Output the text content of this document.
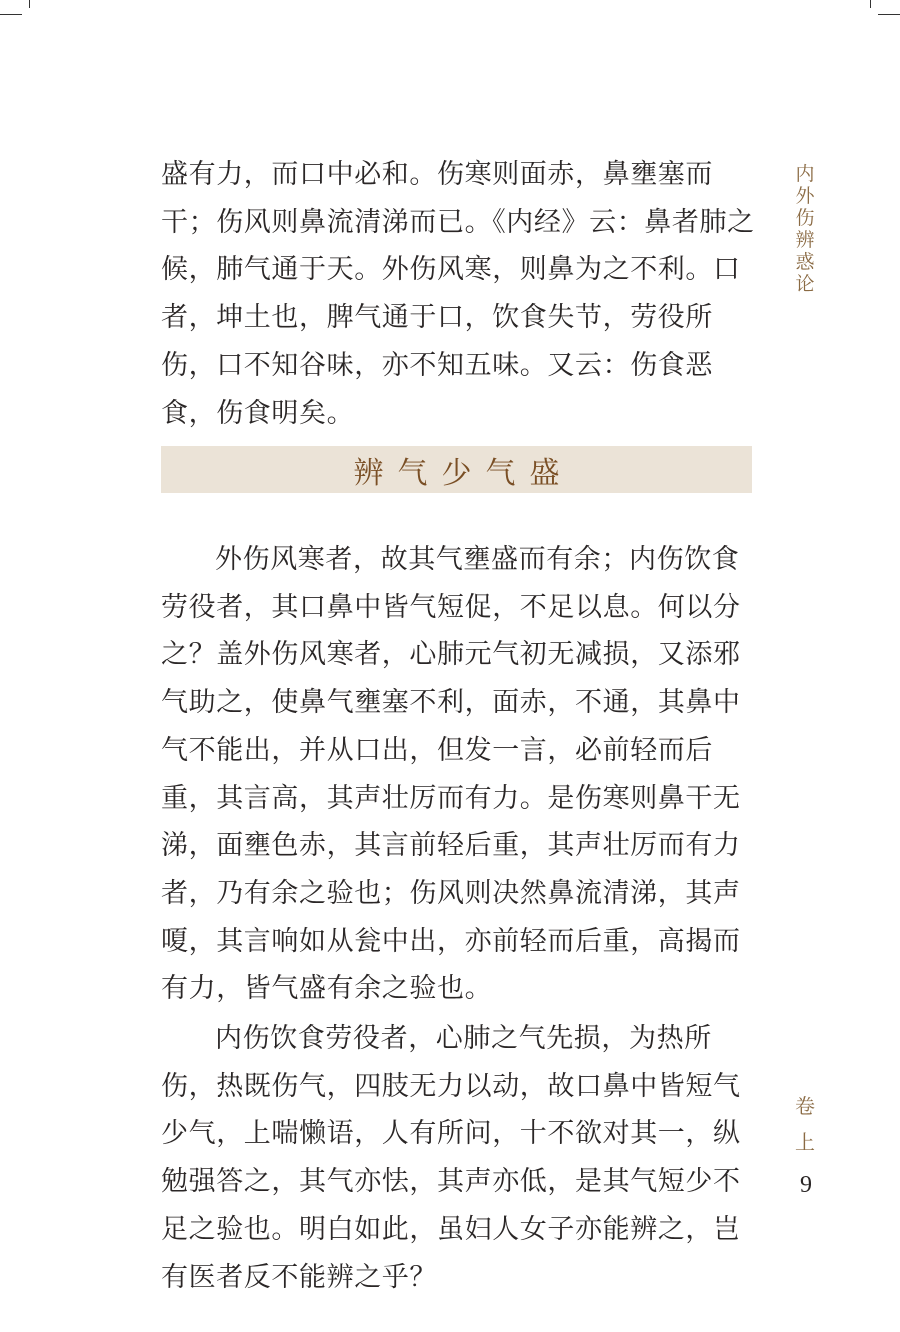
盛有力，而口中必和。伤寒则面赤，鼻壅塞而干；伤风则鼻流清涕而已。《内经》云：鼻者肺之候，肺气通于天。外伤风寒，则鼻为之不利。口者，坤土也，脾气通于口，饮食失节，劳役所伤，口不知谷味，亦不知五味。又云：伤食恶食，伤食明矣。

辨气少气盛

外伤风寒者，故其气壅盛而有余；内伤饮食劳役者，其口鼻中皆气短促，不足以息。何以分之？盖外伤风寒者，心肺元气初无减损，又添邪气助之，使鼻气壅塞不利，面赤，不通，其鼻中气不能出，并从口出，但发一言，必前轻而后重，其言高，其声壮厉而有力。是伤寒则鼻干无涕，面壅色赤，其言前轻后重，其声壮厉而有力者，乃有余之验也；伤风则决然鼻流清涕，其声嗄，其言响如从瓮中出，亦前轻而后重，高揭而有力，皆气盛有余之验也。

内伤饮食劳役者，心肺之气先损，为热所伤，热既伤气，四肢无力以动，故口鼻中皆短气少气，上喘懒语，人有所问，十不欲对其一，纵勉强答之，其气亦怯，其声亦低，是其气短少不足之验也。明白如此，虽妇人女子亦能辨之，岂有医者反不能辨之乎？

内外伤辨惑论
卷上
9
